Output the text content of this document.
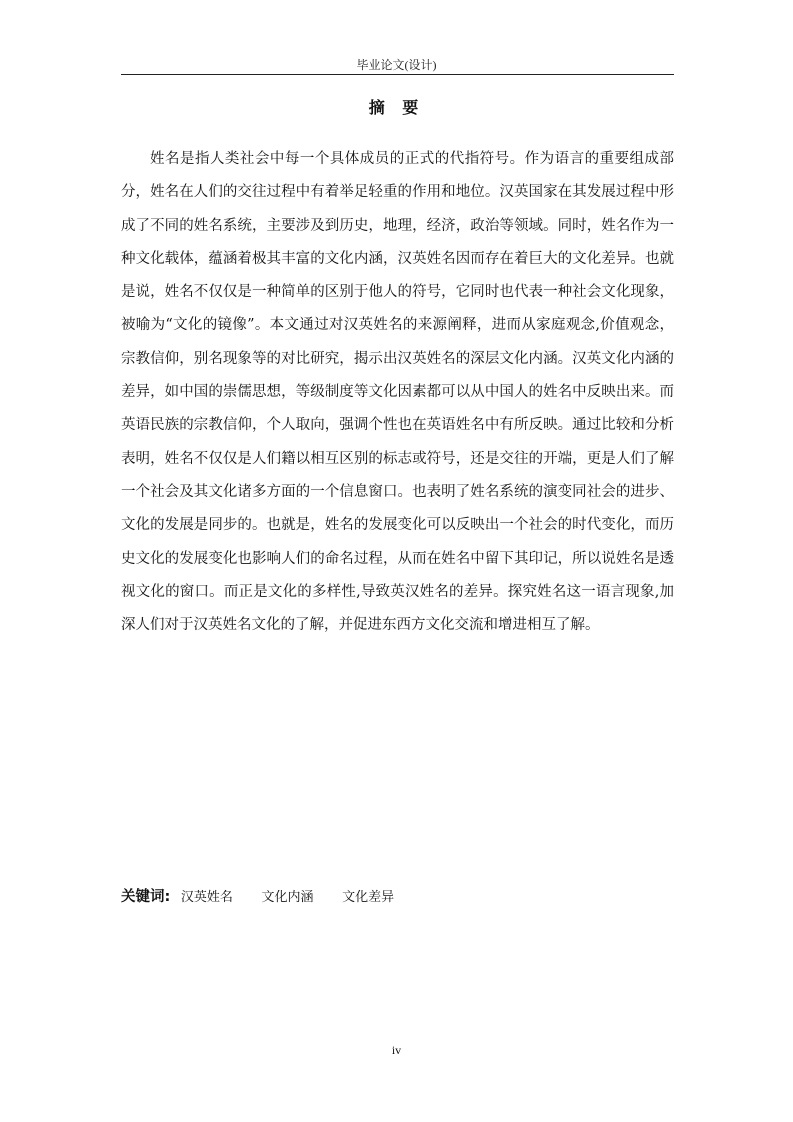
毕业论文(设计)
摘 要

姓名是指人类社会中每一个具体成员的正式的代指符号。作为语言的重要组成部分，姓名在人们的交往过程中有着举足轻重的作用和地位。汉英国家在其发展过程中形成了不同的姓名系统，主要涉及到历史，地理，经济，政治等领域。同时，姓名作为一种文化载体，蕴涵着极其丰富的文化内涵，汉英姓名因而存在着巨大的文化差异。也就是说，姓名不仅仅是一种简单的区别于他人的符号，它同时也代表一种社会文化现象，被喻为“文化的镜像”。本文通过对汉英姓名的来源阐释，进而从家庭观念,价值观念，宗教信仰，别名现象等的对比研究，揭示出汉英姓名的深层文化内涵。汉英文化内涵的差异，如中国的崇儒思想，等级制度等文化因素都可以从中国人的姓名中反映出来。而英语民族的宗教信仰，个人取向，强调个性也在英语姓名中有所反映。通过比较和分析表明，姓名不仅仅是人们籍以相互区别的标志或符号，还是交往的开端，更是人们了解一个社会及其文化诸多方面的一个信息窗口。也表明了姓名系统的演变同社会的进步、文化的发展是同步的。也就是，姓名的发展变化可以反映出一个社会的时代变化，而历史文化的发展变化也影响人们的命名过程，从而在姓名中留下其印记，所以说姓名是透视文化的窗口。而正是文化的多样性,导致英汉姓名的差异。探究姓名这一语言现象,加深人们对于汉英姓名文化的了解，并促进东西方文化交流和增进相互了解。

关键词: 汉英姓名 文化内涵 文化差异
iv
